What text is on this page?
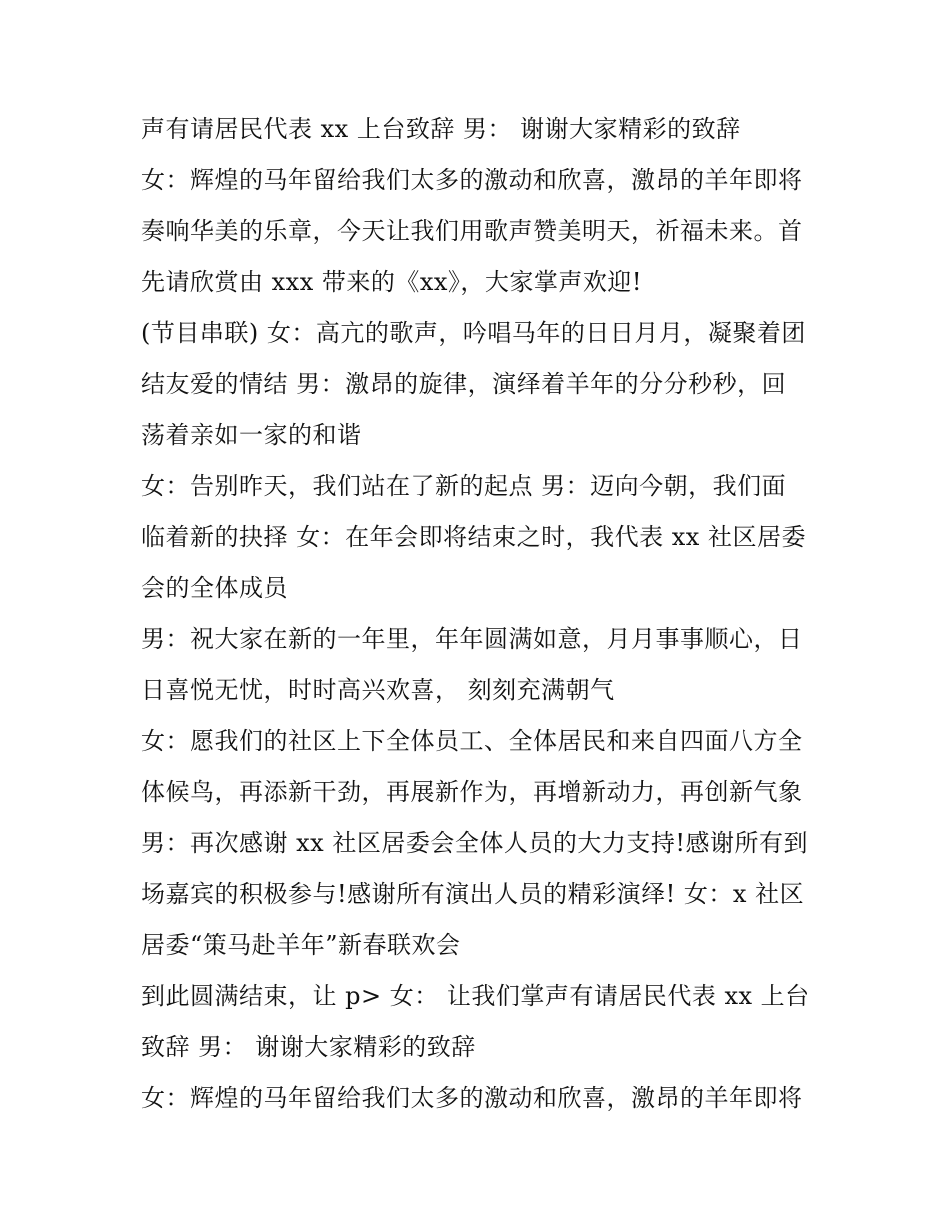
声有请居民代表 xx 上台致辞 男： 谢谢大家精彩的致辞
女：辉煌的马年留给我们太多的激动和欣喜，激昂的羊年即将
奏响华美的乐章，今天让我们用歌声赞美明天，祈福未来。首
先请欣赏由 xxx 带来的《xx》，大家掌声欢迎!
(节目串联) 女：高亢的歌声，吟唱马年的日日月月，凝聚着团
结友爱的情结 男：激昂的旋律，演绎着羊年的分分秒秒，回
荡着亲如一家的和谐
女：告别昨天，我们站在了新的起点 男：迈向今朝，我们面
临着新的抉择 女：在年会即将结束之时，我代表 xx 社区居委
会的全体成员
男：祝大家在新的一年里，年年圆满如意，月月事事顺心，日
日喜悦无忧，时时高兴欢喜， 刻刻充满朝气
女：愿我们的社区上下全体员工、全体居民和来自四面八方全
体候鸟，再添新干劲，再展新作为，再增新动力，再创新气象
男：再次感谢 xx 社区居委会全体人员的大力支持!感谢所有到
场嘉宾的积极参与!感谢所有演出人员的精彩演绎! 女：x 社区
居委“策马赴羊年”新春联欢会
到此圆满结束，让 p> 女： 让我们掌声有请居民代表 xx 上台
致辞 男： 谢谢大家精彩的致辞
女：辉煌的马年留给我们太多的激动和欣喜，激昂的羊年即将
